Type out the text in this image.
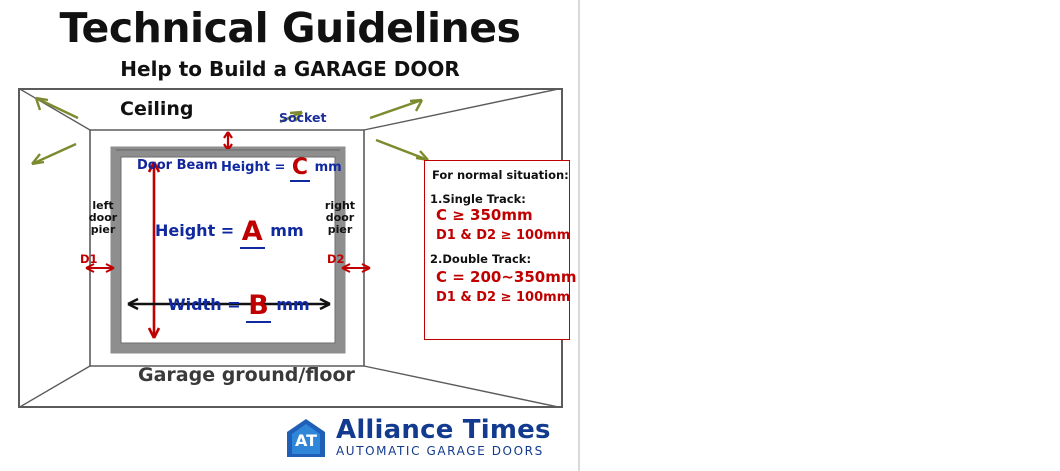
Technical Guidelines
Help to Build a GARAGE DOOR
Ceiling
Garage ground/floor
Socket
Door Beam
left
door
pier
right
door
pier
D1	D2
Height = C mm
Height = A mm
Width = B mm
For normal situation:
1.Single Track:
C ≥ 350mm
D1 & D2 ≥ 100mm
2.Double Track:
C = 200~350mm
D1 & D2 ≥ 100mm
AT Alliance Times
AUTOMATIC GARAGE DOORS
